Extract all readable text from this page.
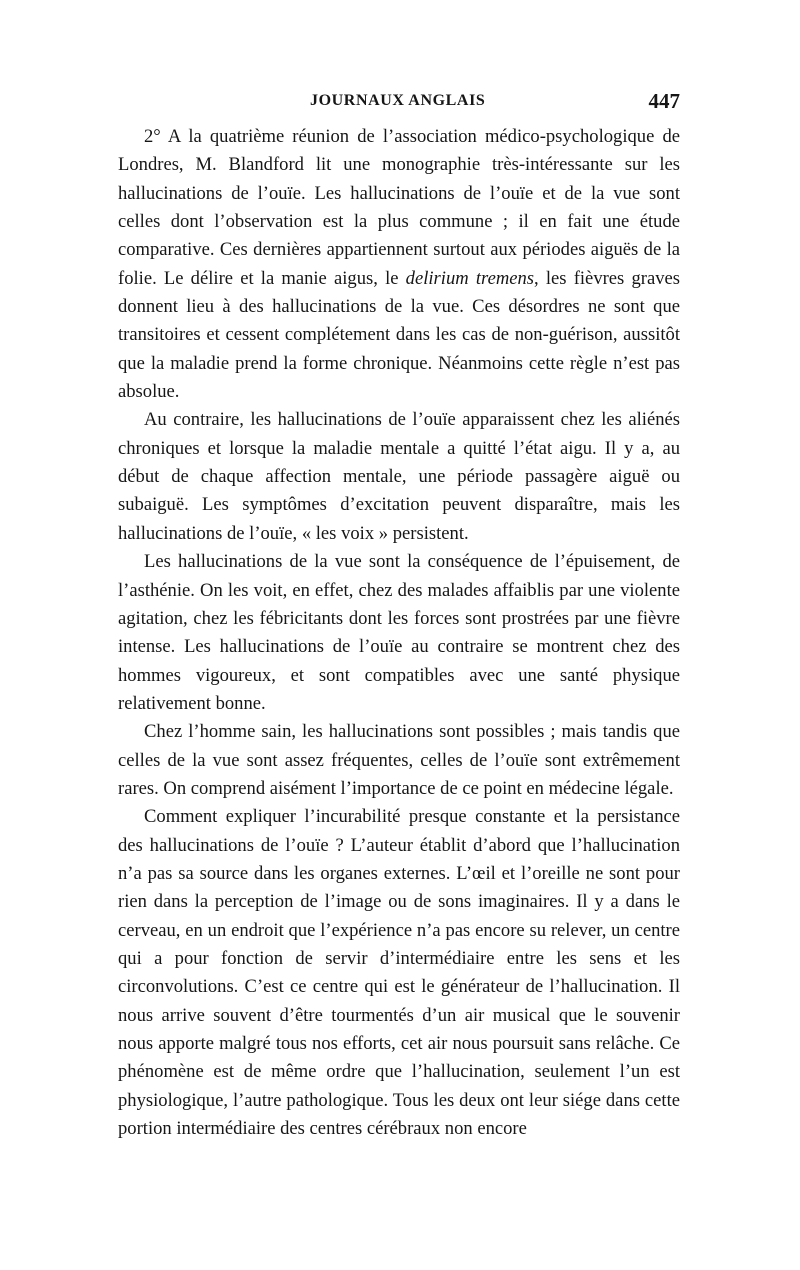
JOURNAUX ANGLAIS	447

2° A la quatrième réunion de l’association médico-psychologique de Londres, M. Blandford lit une monographie très-intéressante sur les hallucinations de l’ouïe. Les hallucinations de l’ouïe et de la vue sont celles dont l’observation est la plus commune ; il en fait une étude comparative. Ces dernières appartiennent surtout aux périodes aiguës de la folie. Le délire et la manie aigus, le delirium tremens, les fièvres graves donnent lieu à des hallucinations de la vue. Ces désordres ne sont que transitoires et cessent complétement dans les cas de non-guérison, aussitôt que la maladie prend la forme chronique. Néanmoins cette règle n’est pas absolue.

Au contraire, les hallucinations de l’ouïe apparaissent chez les aliénés chroniques et lorsque la maladie mentale a quitté l’état aigu. Il y a, au début de chaque affection mentale, une période passagère aiguë ou subaiguë. Les symptômes d’excitation peuvent disparaître, mais les hallucinations de l’ouïe, « les voix » persistent.

Les hallucinations de la vue sont la conséquence de l’épuisement, de l’asthénie. On les voit, en effet, chez des malades affaiblis par une violente agitation, chez les fébricitants dont les forces sont prostrées par une fièvre intense. Les hallucinations de l’ouïe au contraire se montrent chez des hommes vigoureux, et sont compatibles avec une santé physique relativement bonne.

Chez l’homme sain, les hallucinations sont possibles ; mais tandis que celles de la vue sont assez fréquentes, celles de l’ouïe sont extrêmement rares. On comprend aisément l’importance de ce point en médecine légale.

Comment expliquer l’incurabilité presque constante et la persistance des hallucinations de l’ouïe ? L’auteur établit d’abord que l’hallucination n’a pas sa source dans les organes externes. L’œil et l’oreille ne sont pour rien dans la perception de l’image ou de sons imaginaires. Il y a dans le cerveau, en un endroit que l’expérience n’a pas encore su relever, un centre qui a pour fonction de servir d’intermédiaire entre les sens et les circonvolutions. C’est ce centre qui est le générateur de l’hallucination. Il nous arrive souvent d’être tourmentés d’un air musical que le souvenir nous apporte malgré tous nos efforts, cet air nous poursuit sans relâche. Ce phénomène est de même ordre que l’hallucination, seulement l’un est physiologique, l’autre pathologique. Tous les deux ont leur siége dans cette portion intermédiaire des centres cérébraux non encore
